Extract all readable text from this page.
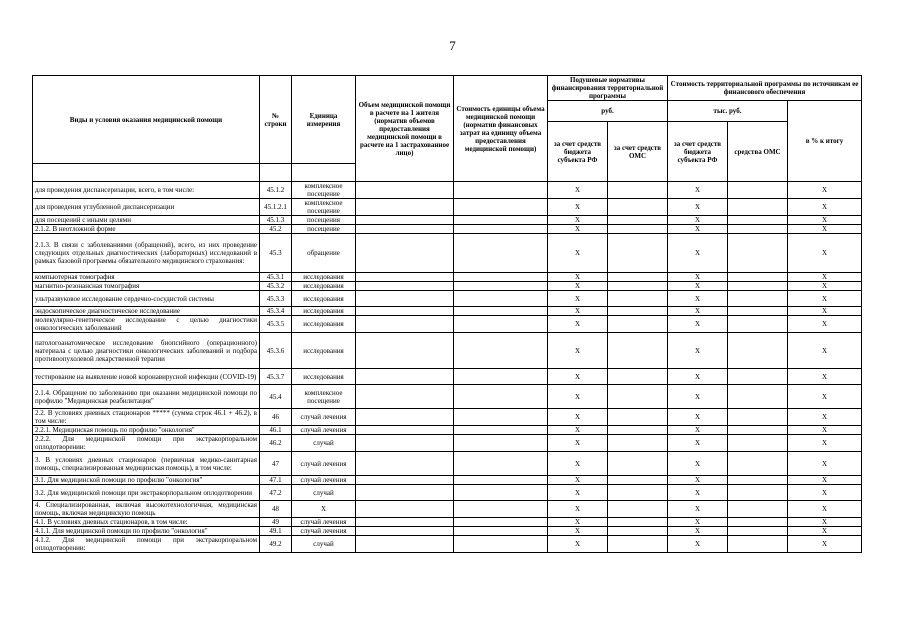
7
Виды и условия оказания медицинской помощи	№ строки	Единица измерения	Объем медицинской помощи в расчете на 1 жителя (норматив объемов предоставления медицинской помощи в расчете на 1 застрахованное лицо)	Стоимость единицы объема медицинской помощи (норматив финансовых затрат на единицу объема предоставления медицинской помощи)	Подушевые нормативы финансирования территориальной программы		Стоимость территориальной программы по источникам ее финансового обеспечения		
					руб.		тыс. руб.		в % к итогу
					за счет средств бюджета субъекта РФ	за счет средств ОМС	за счет средств бюджета субъекта РФ	средства ОМС	

для проведения диспансеризации, всего, в том числе:	45.1.2	комплексное посещение			X		X		X
для проведения углубленной диспансеризации	45.1.2.1	комплексное посещение			X		X		X
для посещений с иными целями	45.1.3	посещения			X		X		X
2.1.2. В неотложной форме	45.2	посещение			X		X		X
2.1.3. В связи с заболеваниями (обращений), всего, из них проведение следующих отдельных диагностических (лабораторных) исследований в рамках базовой программы обязательного медицинского страхования:	45.3	обращение			X		X		X
компьютерная томография	45.3.1	исследования			X		X		X
магнитно-резонансная томография	45.3.2	исследования			X		X		X
ультразвуковое исследование сердечно-сосудистой системы	45.3.3	исследования			X		X		X
эндоскопическое диагностическое исследование	45.3.4	исследования			X		X		X
молекулярно-генетическое исследование с целью диагностики онкологических заболеваний	45.3.5	исследования			X		X		X
патологоанатомическое исследование биопсийного (операционного) материала с целью диагностики онкологических заболеваний и подбора противоопухолевой лекарственной терапии	45.3.6	исследования			X		X		X
тестирование на выявление новой коронавирусной инфекции (COVID-19)	45.3.7	исследования			X		X		X
2.1.4. Обращение по заболеванию при оказании медицинской помощи по профилю "Медицинская реабилитация"	45.4	комплексное посещение			X		X		X
2.2. В условиях дневных стационаров ***** (сумма строк 46.1 + 46.2), в том числе:	46	случай лечения			X		X		X
2.2.1. Медицинская помощь по профилю "онкология"	46.1	случай лечения			X		X		X
2.2.2. Для медицинской помощи при экстракорпоральном оплодотворении:	46.2	случай			X		X		X
3. В условиях дневных стационаров (первичная медико-санитарная помощь, специализированная медицинская помощь), в том числе:	47	случай лечения			X		X		X
3.1. Для медицинской помощи по профилю "онкология"	47.1	случай лечения			X		X		X
3.2. Для медицинской помощи при экстракорпоральном оплодотворении	47.2	случай			X		X		X
4. Специализированная, включая высокотехнологичная, медицинская помощь, включая медицинскую помощь	48	X			X		X		X
4.1. В условиях дневных стационаров, в том числе:	49	случай лечения			X		X		X
4.1.1. Для медицинской помощи по профилю "онкология"	49.1	случай лечения			X		X		X
4.1.2. Для медицинской помощи при экстракорпоральном оплодотворении:	49.2	случай			X		X		X
